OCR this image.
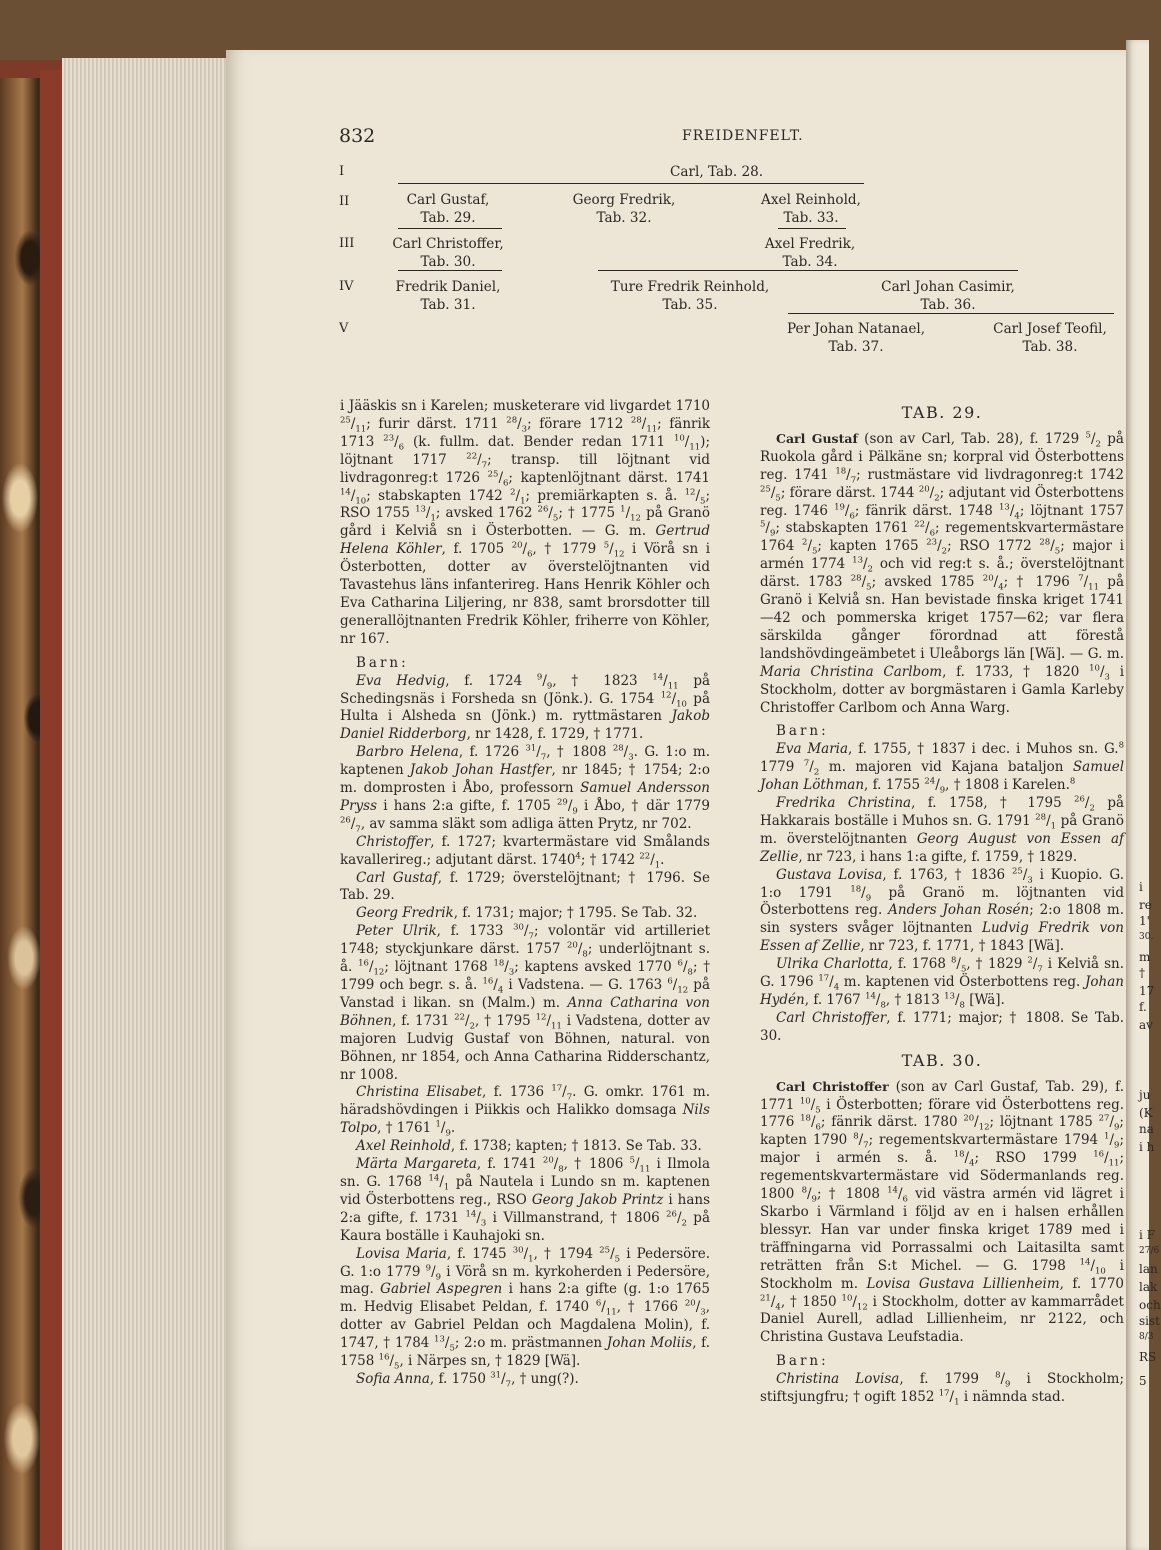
832	FREIDENFELT.
I
II
III
IV
V
Carl, Tab. 28.
Carl Gustaf,
Tab. 29.
Georg Fredrik,
Tab. 32.
Axel Reinhold,
Tab. 33.
Carl Christoffer,
Tab. 30.
Axel Fredrik,
Tab. 34.
Fredrik Daniel,
Tab. 31.
Ture Fredrik Reinhold,
Tab. 35.
Carl Johan Casimir,
Tab. 36.
Per Johan Natanael,
Tab. 37.
Carl Josef Teofil,
Tab. 38.

i Jääskis sn i Karelen; musketerare vid livgardet 1710 $^{25}/_{11}$; furir därst. 1711 $^{28}/_3$; förare 1712 $^{28}/_{11}$; fänrik 1713 $^{23}/_6$ (k. fullm. dat. Bender redan 1711 $^{10}/_{11}$); löjtnant 1717 $^{22}/_7$; transp. till löjtnant vid livdragonreg:t 1726 $^{25}/_6$; kaptenlöjtnant därst. 1741 $^{14}/_{10}$; stabskapten 1742 $^2/_1$; premiärkapten s. å. $^{12}/_5$; RSO 1755 $^{13}/_1$; avsked 1762 $^{26}/_5$; † 1775 $^1/_{12}$ på Granö gård i Kelviå sn i Österbotten. — G. m. Gertrud Helena Köhler, f. 1705 $^{20}/_6$, † 1779 $^5/_{12}$ i Vörå sn i Österbotten, dotter av överstelöjtnanten vid Tavastehus läns infanterireg. Hans Henrik Köhler och Eva Catharina Liljering, nr 838, samt brorsdotter till generallöjtnanten Fredrik Köhler, friherre von Köhler, nr 167.

Barn:

Eva Hedvig, f. 1724 $^9/_9$, † 1823 $^{14}/_{11}$ på Schedingsnäs i Forsheda sn (Jönk.). G. 1754 $^{12}/_{10}$ på Hulta i Alsheda sn (Jönk.) m. ryttmästaren Jakob Daniel Ridderborg, nr 1428, f. 1729, † 1771.

Barbro Helena, f. 1726 $^{31}/_7$, † 1808 $^{28}/_3$. G. 1:o m. kaptenen Jakob Johan Hastfer, nr 1845; † 1754; 2:o m. domprosten i Åbo, professorn Samuel Andersson Pryss i hans 2:a gifte, f. 1705 $^{29}/_9$ i Åbo, † där 1779 $^{26}/_7$, av samma släkt som adliga ätten Prytz, nr 702.

Christoffer, f. 1727; kvartermästare vid Smålands kavallerireg.; adjutant därst. 1740$^4$; † 1742 $^{22}/_1$.

Carl Gustaf, f. 1729; överstelöjtnant; † 1796. Se Tab. 29.

Georg Fredrik, f. 1731; major; † 1795. Se Tab. 32.

Peter Ulrik, f. 1733 $^{30}/_7$; volontär vid artilleriet 1748; styckjunkare därst. 1757 $^{20}/_8$; underlöjtnant s. å. $^{16}/_{12}$; löjtnant 1768 $^{18}/_3$; kaptens avsked 1770 $^6/_8$; † 1799 och begr. s. å. $^{16}/_4$ i Vadstena. — G. 1763 $^6/_{12}$ på Vanstad i likan. sn (Malm.) m. Anna Catharina von Böhnen, f. 1731 $^{22}/_2$, † 1795 $^{12}/_{11}$ i Vadstena, dotter av majoren Ludvig Gustaf von Böhnen, natural. von Böhnen, nr 1854, och Anna Catharina Ridderschantz, nr 1008.

Christina Elisabet, f. 1736 $^{17}/_7$. G. omkr. 1761 m. häradshövdingen i Piikkis och Halikko domsaga Nils Tolpo, † 1761 $^1/_9$.

Axel Reinhold, f. 1738; kapten; † 1813. Se Tab. 33.

Märta Margareta, f. 1741 $^{20}/_8$, † 1806 $^5/_{11}$ i Ilmola sn. G. 1768 $^{14}/_1$ på Nautela i Lundo sn m. kaptenen vid Österbottens reg., RSO Georg Jakob Printz i hans 2:a gifte, f. 1731 $^{14}/_3$ i Villmanstrand, † 1806 $^{26}/_2$ på Kaura boställe i Kauhajoki sn.

Lovisa Maria, f. 1745 $^{30}/_1$, † 1794 $^{25}/_5$ i Pedersöre. G. 1:o 1779 $^9/_9$ i Vörå sn m. kyrkoherden i Pedersöre, mag. Gabriel Aspegren i hans 2:a gifte (g. 1:o 1765 m. Hedvig Elisabet Peldan, f. 1740 $^6/_{11}$, † 1766 $^{20}/_3$, dotter av Gabriel Peldan och Magdalena Molin), f. 1747, † 1784 $^{13}/_5$; 2:o m. prästmannen Johan Moliis, f. 1758 $^{16}/_5$, i Närpes sn, † 1829 [Wä].

Sofia Anna, f. 1750 $^{31}/_7$, † ung(?).

TAB. 29.

Carl Gustaf (son av Carl, Tab. 28), f. 1729 $^5/_2$ på Ruokola gård i Pälkäne sn; korpral vid Österbottens reg. 1741 $^{18}/_7$; rustmästare vid livdragonreg:t 1742 $^{25}/_5$; förare därst. 1744 $^{20}/_2$; adjutant vid Österbottens reg. 1746 $^{19}/_6$; fänrik därst. 1748 $^{13}/_4$; löjtnant 1757 $^5/_9$; stabskapten 1761 $^{22}/_6$; regementskvartermästare 1764 $^2/_5$; kapten 1765 $^{23}/_2$; RSO 1772 $^{28}/_5$; major i armén 1774 $^{13}/_2$ och vid reg:t s. å.; överstelöjtnant därst. 1783 $^{28}/_5$; avsked 1785 $^{20}/_4$; † 1796 $^7/_{11}$ på Granö i Kelviå sn. Han bevistade finska kriget 1741—42 och pommerska kriget 1757—62; var flera särskilda gånger förordnad att förestå landshövdingeämbetet i Uleåborgs län [Wä]. — G. m. Maria Christina Carlbom, f. 1733, † 1820 $^{10}/_3$ i Stockholm, dotter av borgmästaren i Gamla Karleby Christoffer Carlbom och Anna Warg.

Barn:

Eva Maria, f. 1755, † 1837 i dec. i Muhos sn. G.$^8$ 1779 $^7/_2$ m. majoren vid Kajana bataljon Samuel Johan Löthman, f. 1755 $^{24}/_9$, † 1808 i Karelen.$^8$

Fredrika Christina, f. 1758, † 1795 $^{26}/_2$ på Hakkarais boställe i Muhos sn. G. 1791 $^{28}/_1$ på Granö m. överstelöjtnanten Georg August von Essen af Zellie, nr 723, i hans 1:a gifte, f. 1759, † 1829.

Gustava Lovisa, f. 1763, † 1836 $^{25}/_3$ i Kuopio. G. 1:o 1791 $^{18}/_9$ på Granö m. löjtnanten vid Österbottens reg. Anders Johan Rosén; 2:o 1808 m. sin systers svåger löjtnanten Ludvig Fredrik von Essen af Zellie, nr 723, f. 1771, † 1843 [Wä].

Ulrika Charlotta, f. 1768 $^8/_5$, † 1829 $^2/_7$ i Kelviå sn. G. 1796 $^{17}/_4$ m. kaptenen vid Österbottens reg. Johan Hydén, f. 1767 $^{14}/_8$, † 1813 $^{13}/_8$ [Wä].

Carl Christoffer, f. 1771; major; † 1808. Se Tab. 30.

TAB. 30.

Carl Christoffer (son av Carl Gustaf, Tab. 29), f. 1771 $^{10}/_5$ i Österbotten; förare vid Österbottens reg. 1776 $^{18}/_6$; fänrik därst. 1780 $^{20}/_{12}$; löjtnant 1785 $^{27}/_9$; kapten 1790 $^8/_7$; regementskvartermästare 1794 $^1/_9$; major i armén s. å. $^{18}/_4$; RSO 1799 $^{16}/_{11}$; regementskvartermästare vid Södermanlands reg. 1800 $^8/_9$; † 1808 $^{14}/_6$ vid västra armén vid lägret i Skarbo i Värmland i följd av en i halsen erhållen blessyr. Han var under finska kriget 1789 med i träffningarna vid Porrassalmi och Laitasilta samt reträtten från S:t Michel. — G. 1798 $^{14}/_{10}$ i Stockholm m. Lovisa Gustava Lillienheim, f. 1770 $^{21}/_4$, † 1850 $^{10}/_{12}$ i Stockholm, dotter av kammarrådet Daniel Aurell, adlad Lillienheim, nr 2122, och Christina Gustava Leufstadia.

Barn:

Christina Lovisa, f. 1799 $^8/_9$ i Stockholm; stiftsjungfru; † ogift 1852 $^{17}/_1$ i nämnda stad.

i
re
1'
30.
m
†
17
f.
av
ju
(K
na
i h
i F
27/6
lan
lak
och
sist
8/3
RS
5
